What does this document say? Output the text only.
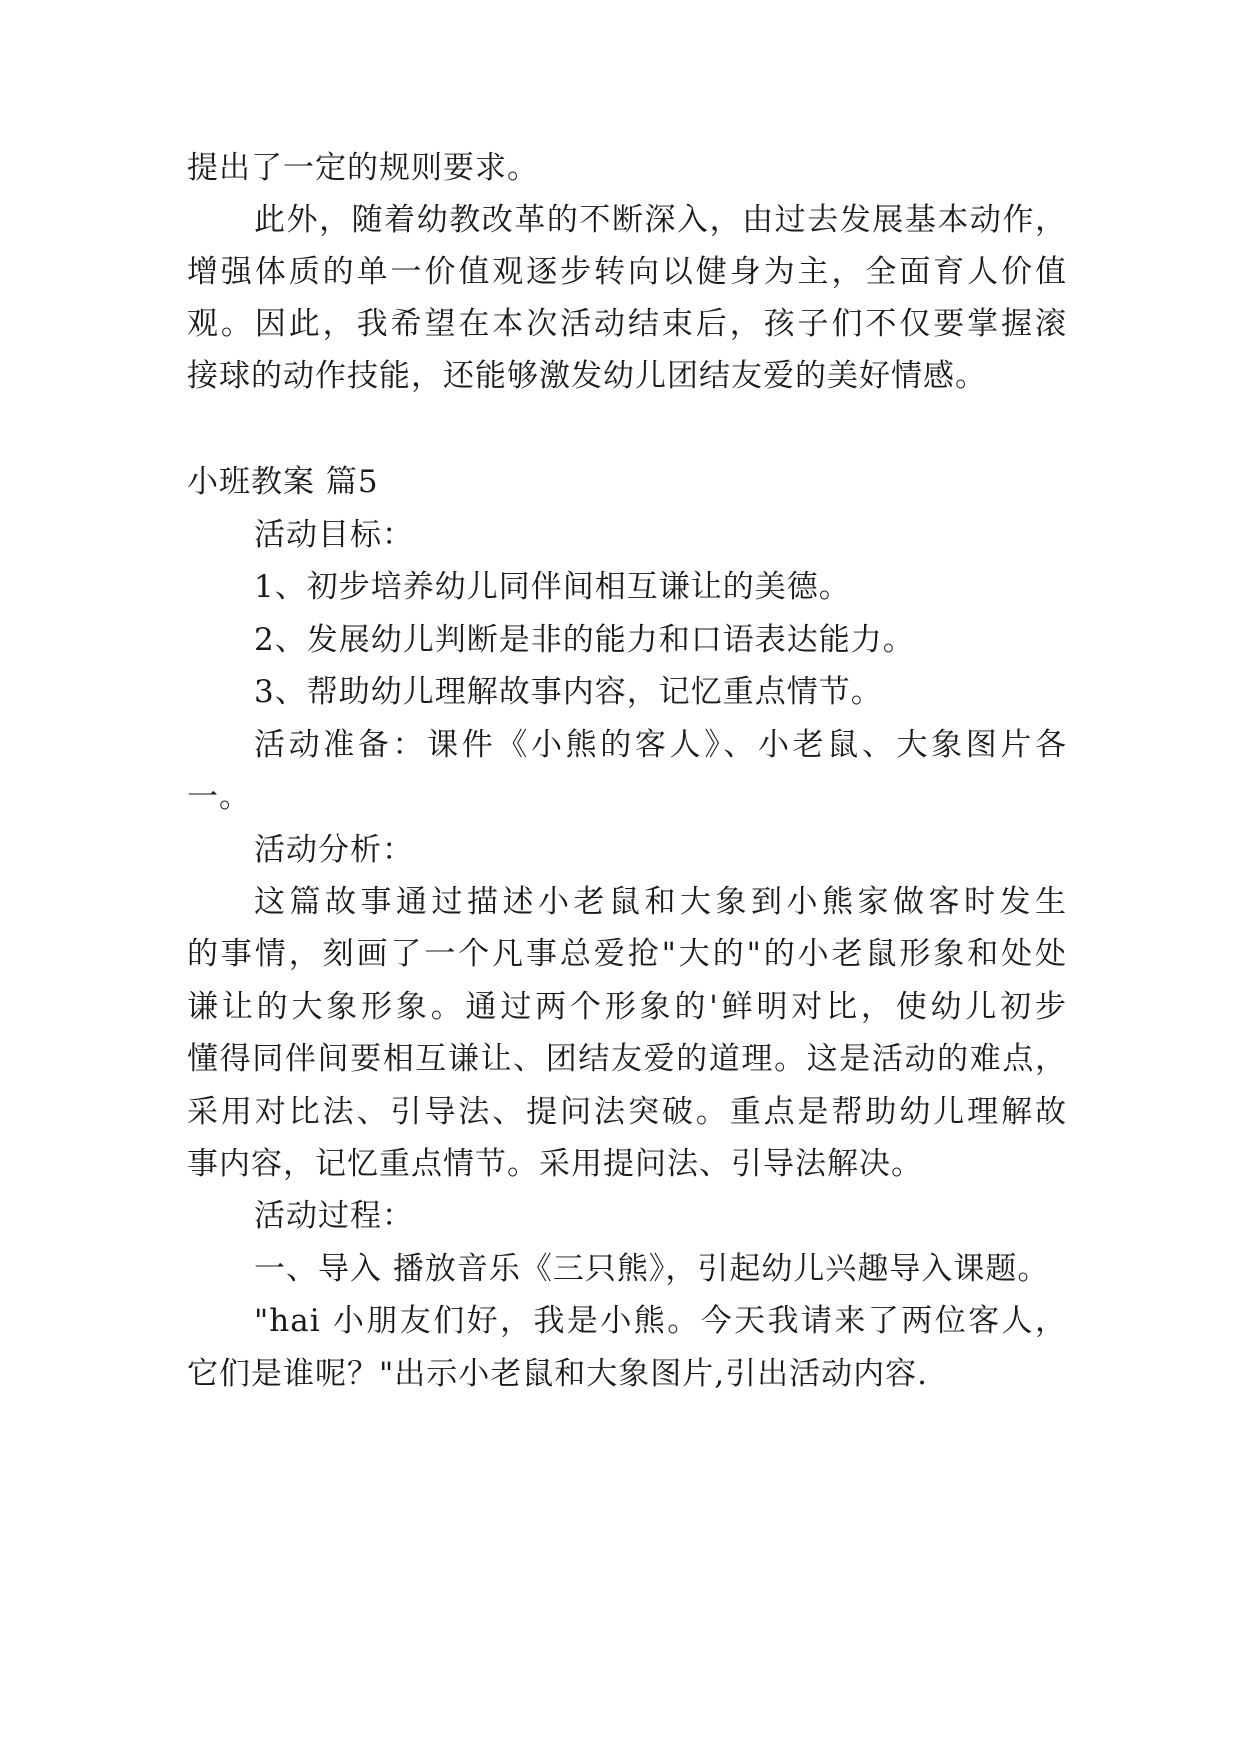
提出了一定的规则要求。
此外，随着幼教改革的不断深入，由过去发展基本动作，
增强体质的单一价值观逐步转向以健身为主，全面育人价值
观。因此，我希望在本次活动结束后，孩子们不仅要掌握滚
接球的动作技能，还能够激发幼儿团结友爱的美好情感。
小班教案 篇5
活动目标：
1、初步培养幼儿同伴间相互谦让的美德。
2、发展幼儿判断是非的能力和口语表达能力。
3、帮助幼儿理解故事内容，记忆重点情节。
活动准备：课件《小熊的客人》、小老鼠、大象图片各
一。
活动分析：
这篇故事通过描述小老鼠和大象到小熊家做客时发生
的事情，刻画了一个凡事总爱抢"大的"的小老鼠形象和处处
谦让的大象形象。通过两个形象的'鲜明对比，使幼儿初步
懂得同伴间要相互谦让、团结友爱的道理。这是活动的难点，
采用对比法、引导法、提问法突破。重点是帮助幼儿理解故
事内容，记忆重点情节。采用提问法、引导法解决。
活动过程：
一、导入 播放音乐《三只熊》，引起幼儿兴趣导入课题。
"hai 小朋友们好，我是小熊。今天我请来了两位客人，
它们是谁呢？"出示小老鼠和大象图片,引出活动内容.
